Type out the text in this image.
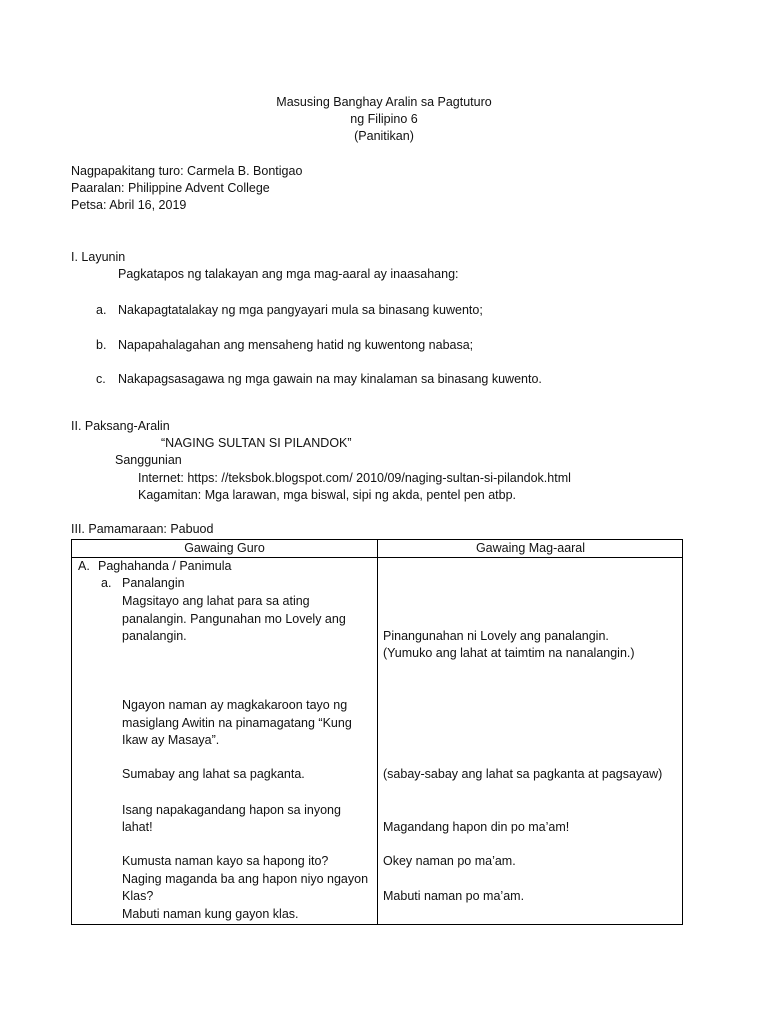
Masusing Banghay Aralin sa Pagtuturo
ng Filipino 6
(Panitikan)
Nagpapakitang turo: Carmela B. Bontigao
Paaralan: Philippine Advent College
Petsa: Abril 16, 2019
I. Layunin
Pagkatapos ng talakayan ang mga mag-aaral ay inaasahang:
a. Nakapagtatalakay ng mga pangyayari mula sa binasang kuwento;
b. Napapahalagahan ang mensaheng hatid ng kuwentong nabasa;
c. Nakapagsasagawa ng mga gawain na may kinalaman sa binasang kuwento.
II. Paksang-Aralin
“NAGING SULTAN SI PILANDOK”
Sanggunian
Internet: https: //teksbok.blogspot.com/ 2010/09/naging-sultan-si-pilandok.html
Kagamitan: Mga larawan, mga biswal, sipi ng akda, pentel pen atbp.
III. Pamamaraan: Pabuod
Gawaing Guro	Gawaing Mag-aaral
A. Paghahanda / Panimula
a. Panalangin
Magsitayo ang lahat para sa ating
panalangin. Pangunahan mo Lovely ang
panalangin.
Ngayon naman ay magkakaroon tayo ng
masiglang Awitin na pinamagatang “Kung
Ikaw ay Masaya”.
Sumabay ang lahat sa pagkanta.
Isang napakagandang hapon sa inyong
lahat!
Kumusta naman kayo sa hapong ito?
Naging maganda ba ang hapon niyo ngayon
Klas?
Mabuti naman kung gayon klas.
Pinangunahan ni Lovely ang panalangin.
(Yumuko ang lahat at taimtim na nanalangin.)
(sabay-sabay ang lahat sa pagkanta at pagsayaw)
Magandang hapon din po ma’am!
Okey naman po ma’am.
Mabuti naman po ma’am.
